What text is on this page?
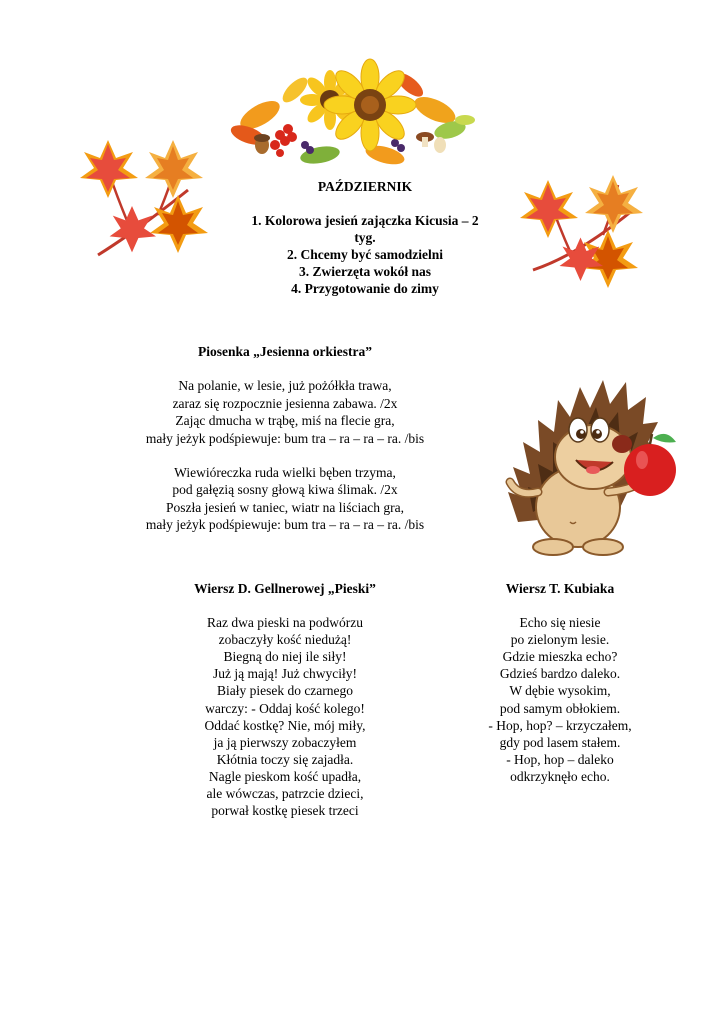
PAŹDZIERNIK
1. Kolorowa jesień zajączka Kicusia – 2
tyg.
2. Chcemy być samodzielni
3. Zwierzęta wokół nas
4. Przygotowanie do zimy
Piosenka „Jesienna orkiestra”
Na polanie, w lesie, już pożółkła trawa,
zaraz się rozpocznie jesienna zabawa. /2x
Zając dmucha w trąbę, miś na flecie gra,
mały jeżyk podśpiewuje: bum tra – ra – ra – ra. /bis
Wiewióreczka ruda wielki bęben trzyma,
pod gałęzią sosny głową kiwa ślimak. /2x
Poszła jesień w taniec, wiatr na liściach gra,
mały jeżyk podśpiewuje: bum tra – ra – ra – ra. /bis
Wiersz D. Gellnerowej „Pieski”
Raz dwa pieski na podwórzu
zobaczyły kość niedużą!
Biegną do niej ile siły!
Już ją mają! Już chwyciły!
Biały piesek do czarnego
warczy: - Oddaj kość kolego!
Oddać kostkę? Nie, mój miły,
ja ją pierwszy zobaczyłem
Kłótnia toczy się zajadła.
Nagle pieskom kość upadła,
ale wówczas, patrzcie dzieci,
porwał kostkę piesek trzeci
Wiersz T. Kubiaka
Echo się niesie
po zielonym lesie.
Gdzie mieszka echo?
Gdzieś bardzo daleko.
W dębie wysokim,
pod samym obłokiem.
- Hop, hop? – krzyczałem,
gdy pod lasem stałem.
- Hop, hop – daleko
odkrzyknęło echo.
